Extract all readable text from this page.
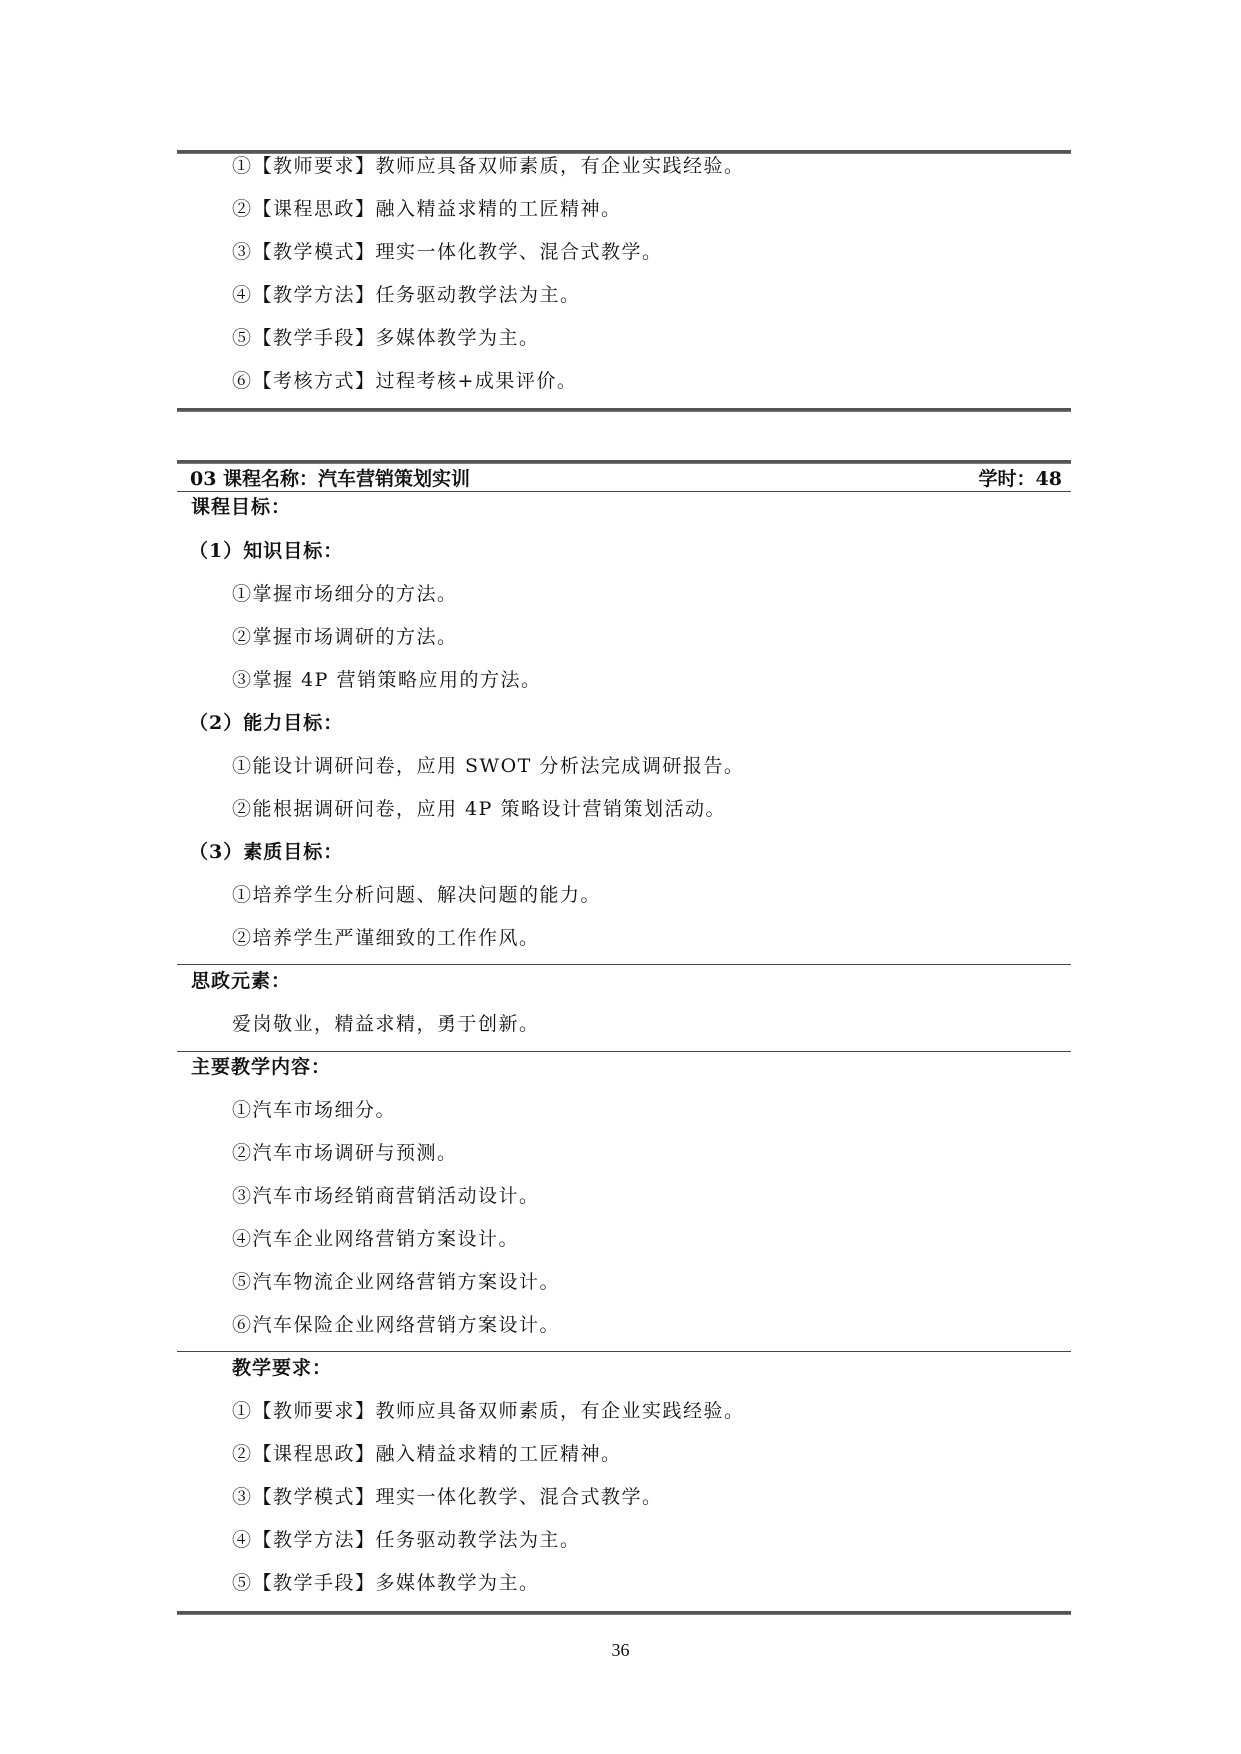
①【教师要求】教师应具备双师素质，有企业实践经验。
②【课程思政】融入精益求精的工匠精神。
③【教学模式】理实一体化教学、混合式教学。
④【教学方法】任务驱动教学法为主。
⑤【教学手段】多媒体教学为主。
⑥【考核方式】过程考核+成果评价。
03 课程名称：汽车营销策划实训	学时：48
课程目标：
（1）知识目标：
①掌握市场细分的方法。
②掌握市场调研的方法。
③掌握 4P 营销策略应用的方法。
（2）能力目标：
①能设计调研问卷，应用 SWOT 分析法完成调研报告。
②能根据调研问卷，应用 4P 策略设计营销策划活动。
（3）素质目标：
①培养学生分析问题、解决问题的能力。
②培养学生严谨细致的工作作风。
思政元素：
爱岗敬业，精益求精，勇于创新。
主要教学内容：
①汽车市场细分。
②汽车市场调研与预测。
③汽车市场经销商营销活动设计。
④汽车企业网络营销方案设计。
⑤汽车物流企业网络营销方案设计。
⑥汽车保险企业网络营销方案设计。
教学要求：
①【教师要求】教师应具备双师素质，有企业实践经验。
②【课程思政】融入精益求精的工匠精神。
③【教学模式】理实一体化教学、混合式教学。
④【教学方法】任务驱动教学法为主。
⑤【教学手段】多媒体教学为主。
36
